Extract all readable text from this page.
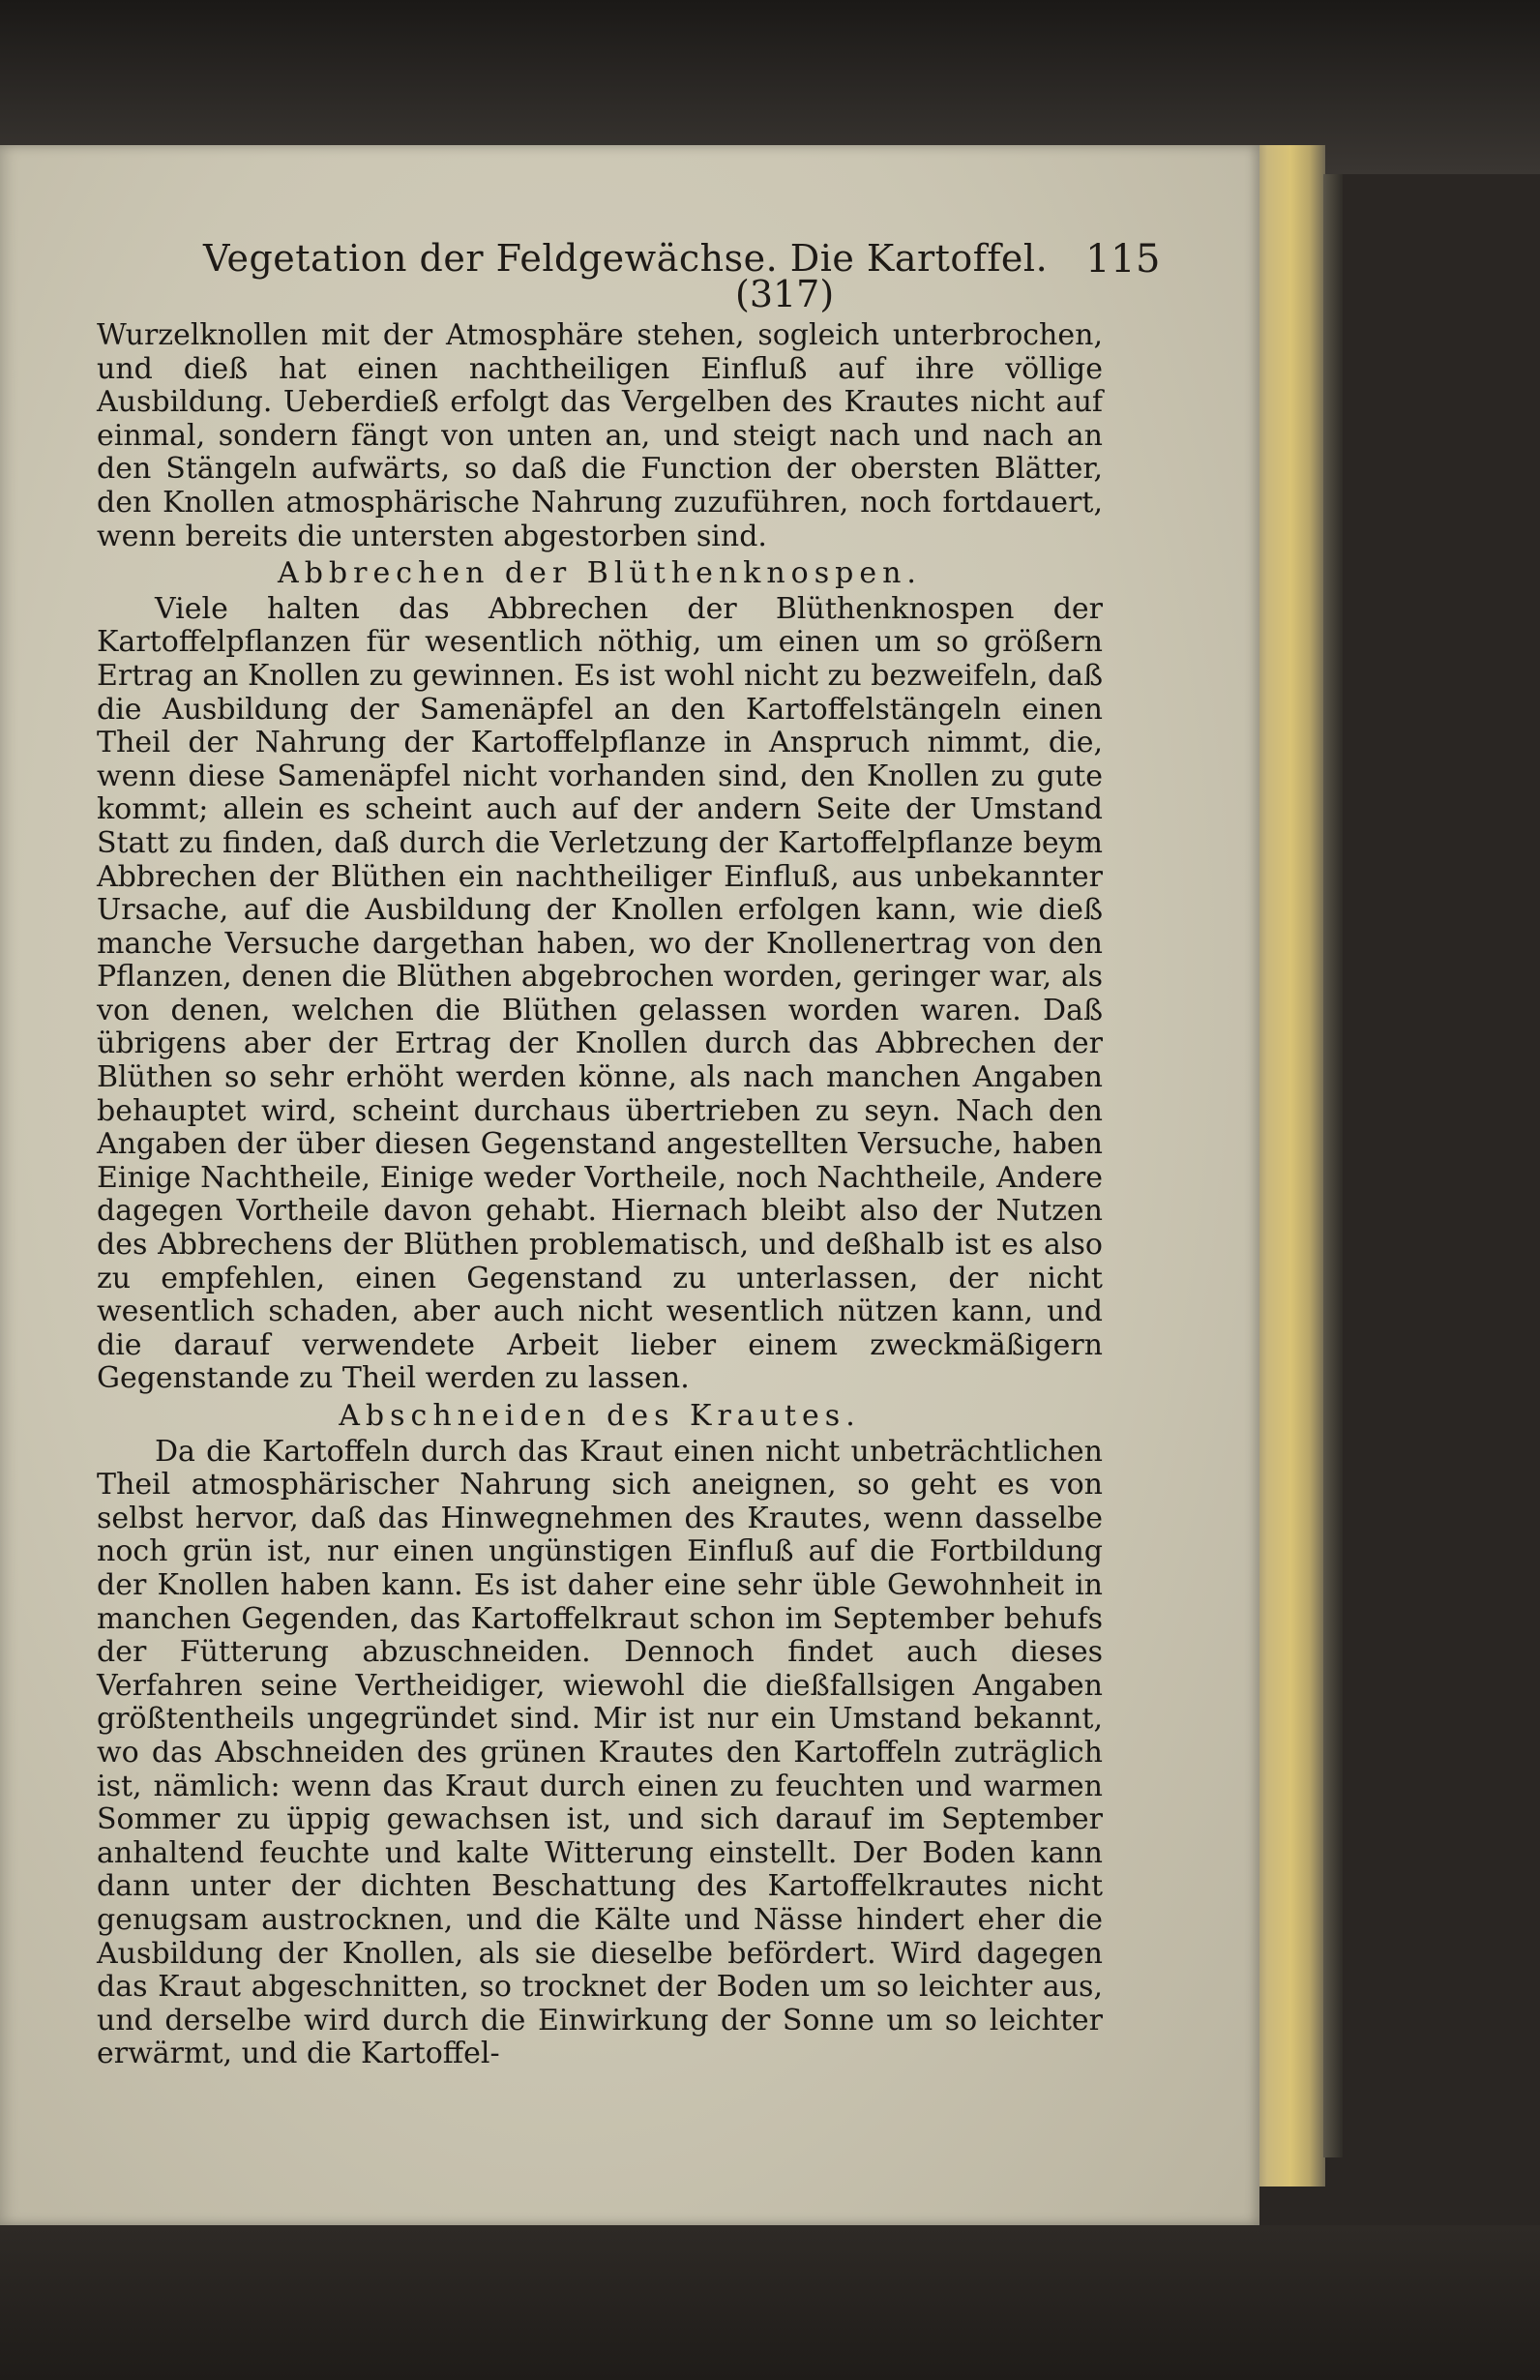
Vegetation der Feldgewächse. Die Kartoffel. 115
(317)

Wurzelknollen mit der Atmosphäre stehen, sogleich unterbrochen, und dieß hat einen nachtheiligen Einfluß auf ihre völlige Ausbildung. Ueberdieß erfolgt das Vergelben des Krautes nicht auf einmal, sondern fängt von unten an, und steigt nach und nach an den Stängeln aufwärts, so daß die Function der obersten Blätter, den Knollen atmosphärische Nahrung zuzuführen, noch fortdauert, wenn bereits die untersten abgestorben sind.

Abbrechen der Blüthenknospen.

Viele halten das Abbrechen der Blüthenknospen der Kartoffelpflanzen für wesentlich nöthig, um einen um so größern Ertrag an Knollen zu gewinnen. Es ist wohl nicht zu bezweifeln, daß die Ausbildung der Samenäpfel an den Kartoffelstängeln einen Theil der Nahrung der Kartoffelpflanze in Anspruch nimmt, die, wenn diese Samenäpfel nicht vorhanden sind, den Knollen zu gute kommt; allein es scheint auch auf der andern Seite der Umstand Statt zu finden, daß durch die Verletzung der Kartoffelpflanze beym Abbrechen der Blüthen ein nachtheiliger Einfluß, aus unbekannter Ursache, auf die Ausbildung der Knollen erfolgen kann, wie dieß manche Versuche dargethan haben, wo der Knollenertrag von den Pflanzen, denen die Blüthen abgebrochen worden, geringer war, als von denen, welchen die Blüthen gelassen worden waren. Daß übrigens aber der Ertrag der Knollen durch das Abbrechen der Blüthen so sehr erhöht werden könne, als nach manchen Angaben behauptet wird, scheint durchaus übertrieben zu seyn. Nach den Angaben der über diesen Gegenstand angestellten Versuche, haben Einige Nachtheile, Einige weder Vortheile, noch Nachtheile, Andere dagegen Vortheile davon gehabt. Hiernach bleibt also der Nutzen des Abbrechens der Blüthen problematisch, und deßhalb ist es also zu empfehlen, einen Gegenstand zu unterlassen, der nicht wesentlich schaden, aber auch nicht wesentlich nützen kann, und die darauf verwendete Arbeit lieber einem zweckmäßigern Gegenstande zu Theil werden zu lassen.

Abschneiden des Krautes.

Da die Kartoffeln durch das Kraut einen nicht unbeträchtlichen Theil atmosphärischer Nahrung sich aneignen, so geht es von selbst hervor, daß das Hinwegnehmen des Krautes, wenn dasselbe noch grün ist, nur einen ungünstigen Einfluß auf die Fortbildung der Knollen haben kann. Es ist daher eine sehr üble Gewohnheit in manchen Gegenden, das Kartoffelkraut schon im September behufs der Fütterung abzuschneiden. Dennoch findet auch dieses Verfahren seine Vertheidiger, wiewohl die dießfallsigen Angaben größtentheils ungegründet sind. Mir ist nur ein Umstand bekannt, wo das Abschneiden des grünen Krautes den Kartoffeln zuträglich ist, nämlich: wenn das Kraut durch einen zu feuchten und warmen Sommer zu üppig gewachsen ist, und sich darauf im September anhaltend feuchte und kalte Witterung einstellt. Der Boden kann dann unter der dichten Beschattung des Kartoffelkrautes nicht genugsam austrocknen, und die Kälte und Nässe hindert eher die Ausbildung der Knollen, als sie dieselbe befördert. Wird dagegen das Kraut abgeschnitten, so trocknet der Boden um so leichter aus, und derselbe wird durch die Einwirkung der Sonne um so leichter erwärmt, und die Kartoffel-
